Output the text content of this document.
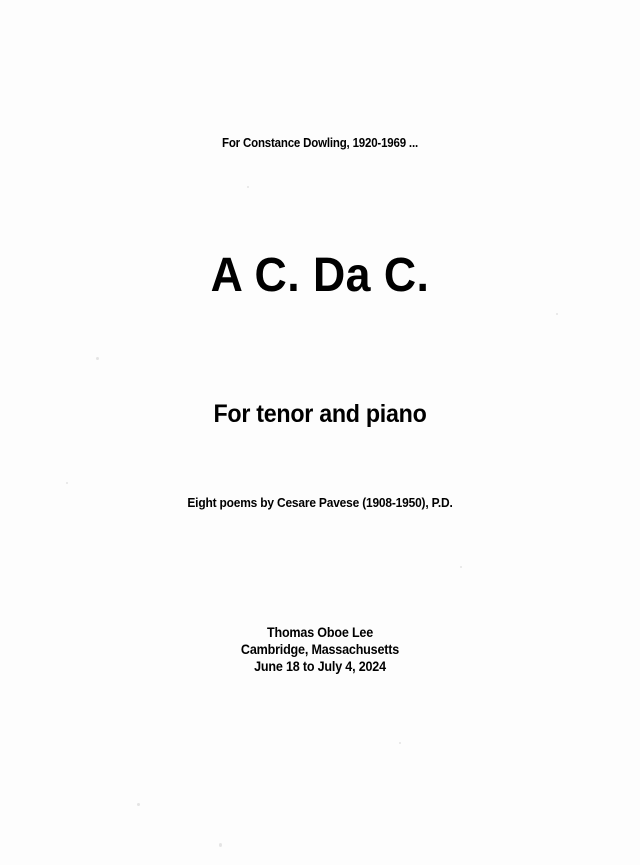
For Constance Dowling, 1920-1969 ...
A C. Da C.
For tenor and piano
Eight poems by Cesare Pavese (1908-1950), P.D.
Thomas Oboe Lee
Cambridge, Massachusetts
June 18 to July 4, 2024
